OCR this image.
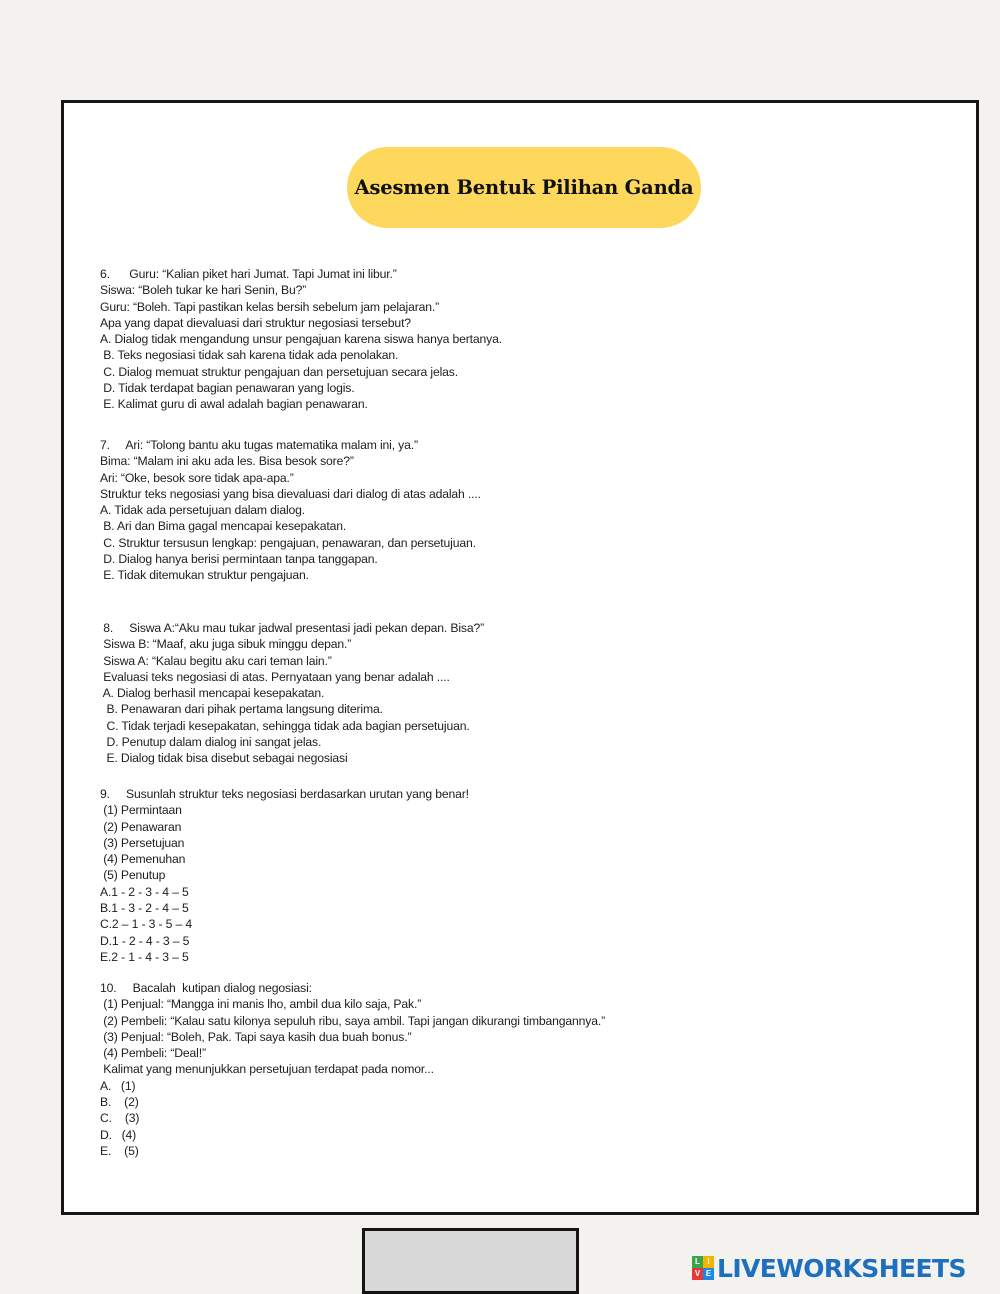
Asesmen Bentuk Pilihan Ganda
6.      Guru: “Kalian piket hari Jumat. Tapi Jumat ini libur.”
Siswa: “Boleh tukar ke hari Senin, Bu?”
Guru: “Boleh. Tapi pastikan kelas bersih sebelum jam pelajaran.”
Apa yang dapat dievaluasi dari struktur negosiasi tersebut?
A. Dialog tidak mengandung unsur pengajuan karena siswa hanya bertanya.
B. Teks negosiasi tidak sah karena tidak ada penolakan.
C. Dialog memuat struktur pengajuan dan persetujuan secara jelas.
D. Tidak terdapat bagian penawaran yang logis.
E. Kalimat guru di awal adalah bagian penawaran.
7.     Ari: “Tolong bantu aku tugas matematika malam ini, ya.”
Bima: “Malam ini aku ada les. Bisa besok sore?”
Ari: “Oke, besok sore tidak apa-apa.”
Struktur teks negosiasi yang bisa dievaluasi dari dialog di atas adalah ....
A. Tidak ada persetujuan dalam dialog.
B. Ari dan Bima gagal mencapai kesepakatan.
C. Struktur tersusun lengkap: pengajuan, penawaran, dan persetujuan.
D. Dialog hanya berisi permintaan tanpa tanggapan.
E. Tidak ditemukan struktur pengajuan.
8.     Siswa A:“Aku mau tukar jadwal presentasi jadi pekan depan. Bisa?”
Siswa B: “Maaf, aku juga sibuk minggu depan.”
Siswa A: “Kalau begitu aku cari teman lain.”
Evaluasi teks negosiasi di atas. Pernyataan yang benar adalah ....
A. Dialog berhasil mencapai kesepakatan.
B. Penawaran dari pihak pertama langsung diterima.
C. Tidak terjadi kesepakatan, sehingga tidak ada bagian persetujuan.
D. Penutup dalam dialog ini sangat jelas.
E. Dialog tidak bisa disebut sebagai negosiasi
9.     Susunlah struktur teks negosiasi berdasarkan urutan yang benar!
(1) Permintaan
(2) Penawaran
(3) Persetujuan
(4) Pemenuhan
(5) Penutup
A.1 - 2 - 3 - 4 – 5
B.1 - 3 - 2 - 4 – 5
C.2 – 1 - 3 - 5 – 4
D.1 - 2 - 4 - 3 – 5
E.2 - 1 - 4 - 3 – 5
10.     Bacalah  kutipan dialog negosiasi:
(1) Penjual: “Mangga ini manis lho, ambil dua kilo saja, Pak.”
(2) Pembeli: “Kalau satu kilonya sepuluh ribu, saya ambil. Tapi jangan dikurangi timbangannya.”
(3) Penjual: “Boleh, Pak. Tapi saya kasih dua buah bonus.”
(4) Pembeli: “Deal!”
Kalimat yang menunjukkan persetujuan terdapat pada nomor...
A.   (1)
B.    (2)
C.    (3)
D.   (4)
E.    (5)
L I
V E LIVEWORKSHEETS
